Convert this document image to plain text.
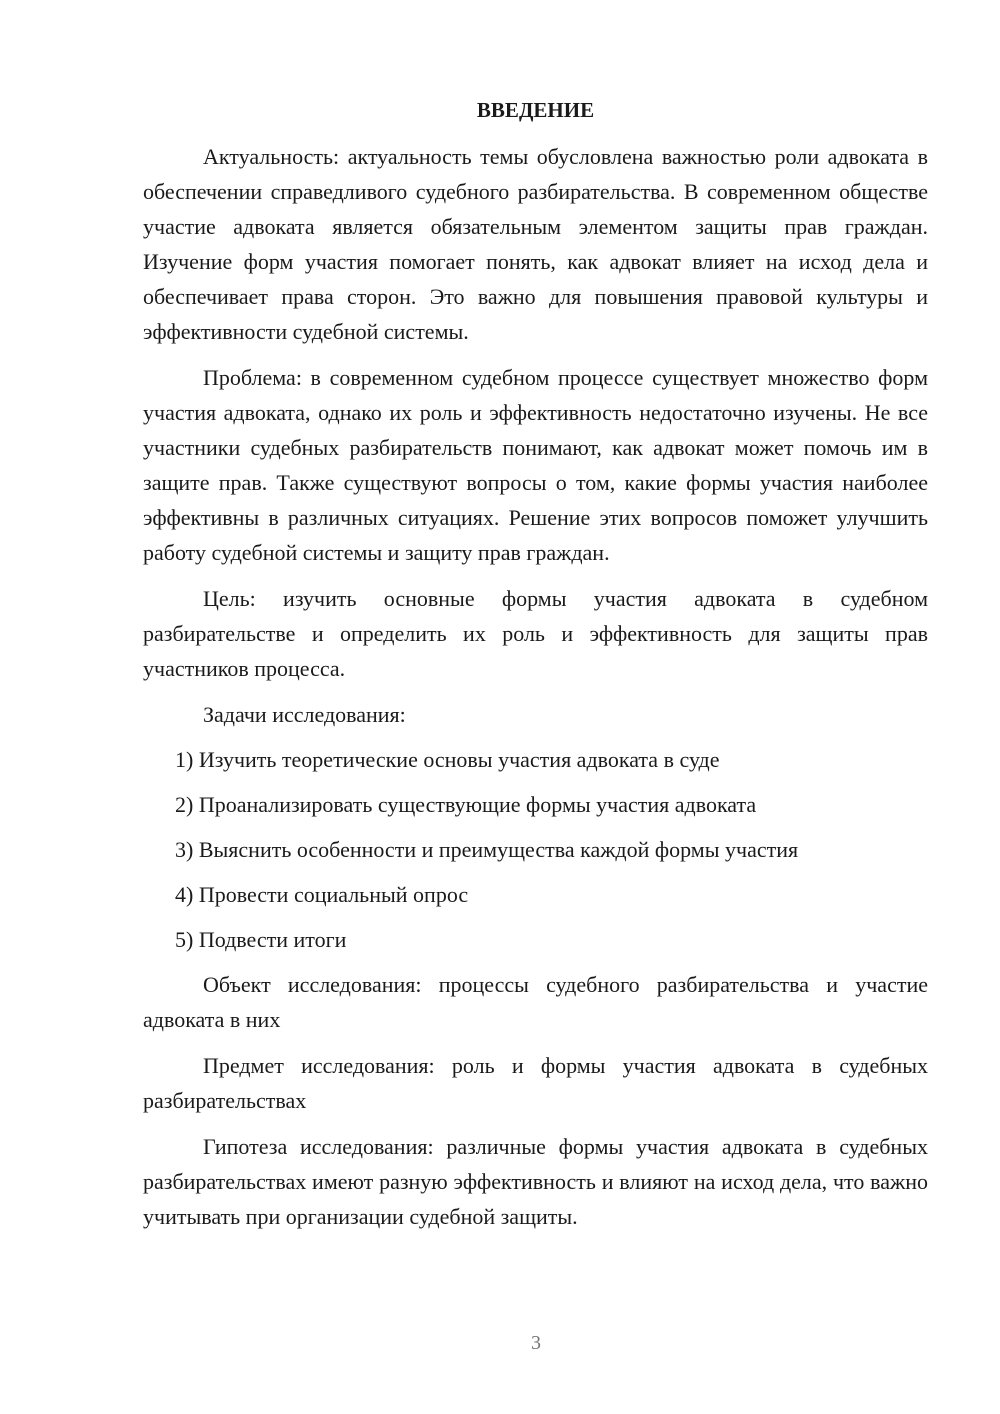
ВВЕДЕНИЕ

Актуальность: актуальность темы обусловлена важностью роли адвоката в обеспечении справедливого судебного разбирательства. В современном обществе участие адвоката является обязательным элементом защиты прав граждан. Изучение форм участия помогает понять, как адвокат влияет на исход дела и обеспечивает права сторон. Это важно для повышения правовой культуры и эффективности судебной системы.

Проблема: в современном судебном процессе существует множество форм участия адвоката, однако их роль и эффективность недостаточно изучены. Не все участники судебных разбирательств понимают, как адвокат может помочь им в защите прав. Также существуют вопросы о том, какие формы участия наиболее эффективны в различных ситуациях. Решение этих вопросов поможет улучшить работу судебной системы и защиту прав граждан.

Цель: изучить основные формы участия адвоката в судебном разбирательстве и определить их роль и эффективность для защиты прав участников процесса.

Задачи исследования:

1) Изучить теоретические основы участия адвоката в суде

2) Проанализировать существующие формы участия адвоката

3) Выяснить особенности и преимущества каждой формы участия

4) Провести социальный опрос

5) Подвести итоги

Объект исследования: процессы судебного разбирательства и участие адвоката в них

Предмет исследования: роль и формы участия адвоката в судебных разбирательствах

Гипотеза исследования: различные формы участия адвоката в судебных разбирательствах имеют разную эффективность и влияют на исход дела, что важно учитывать при организации судебной защиты.

3
